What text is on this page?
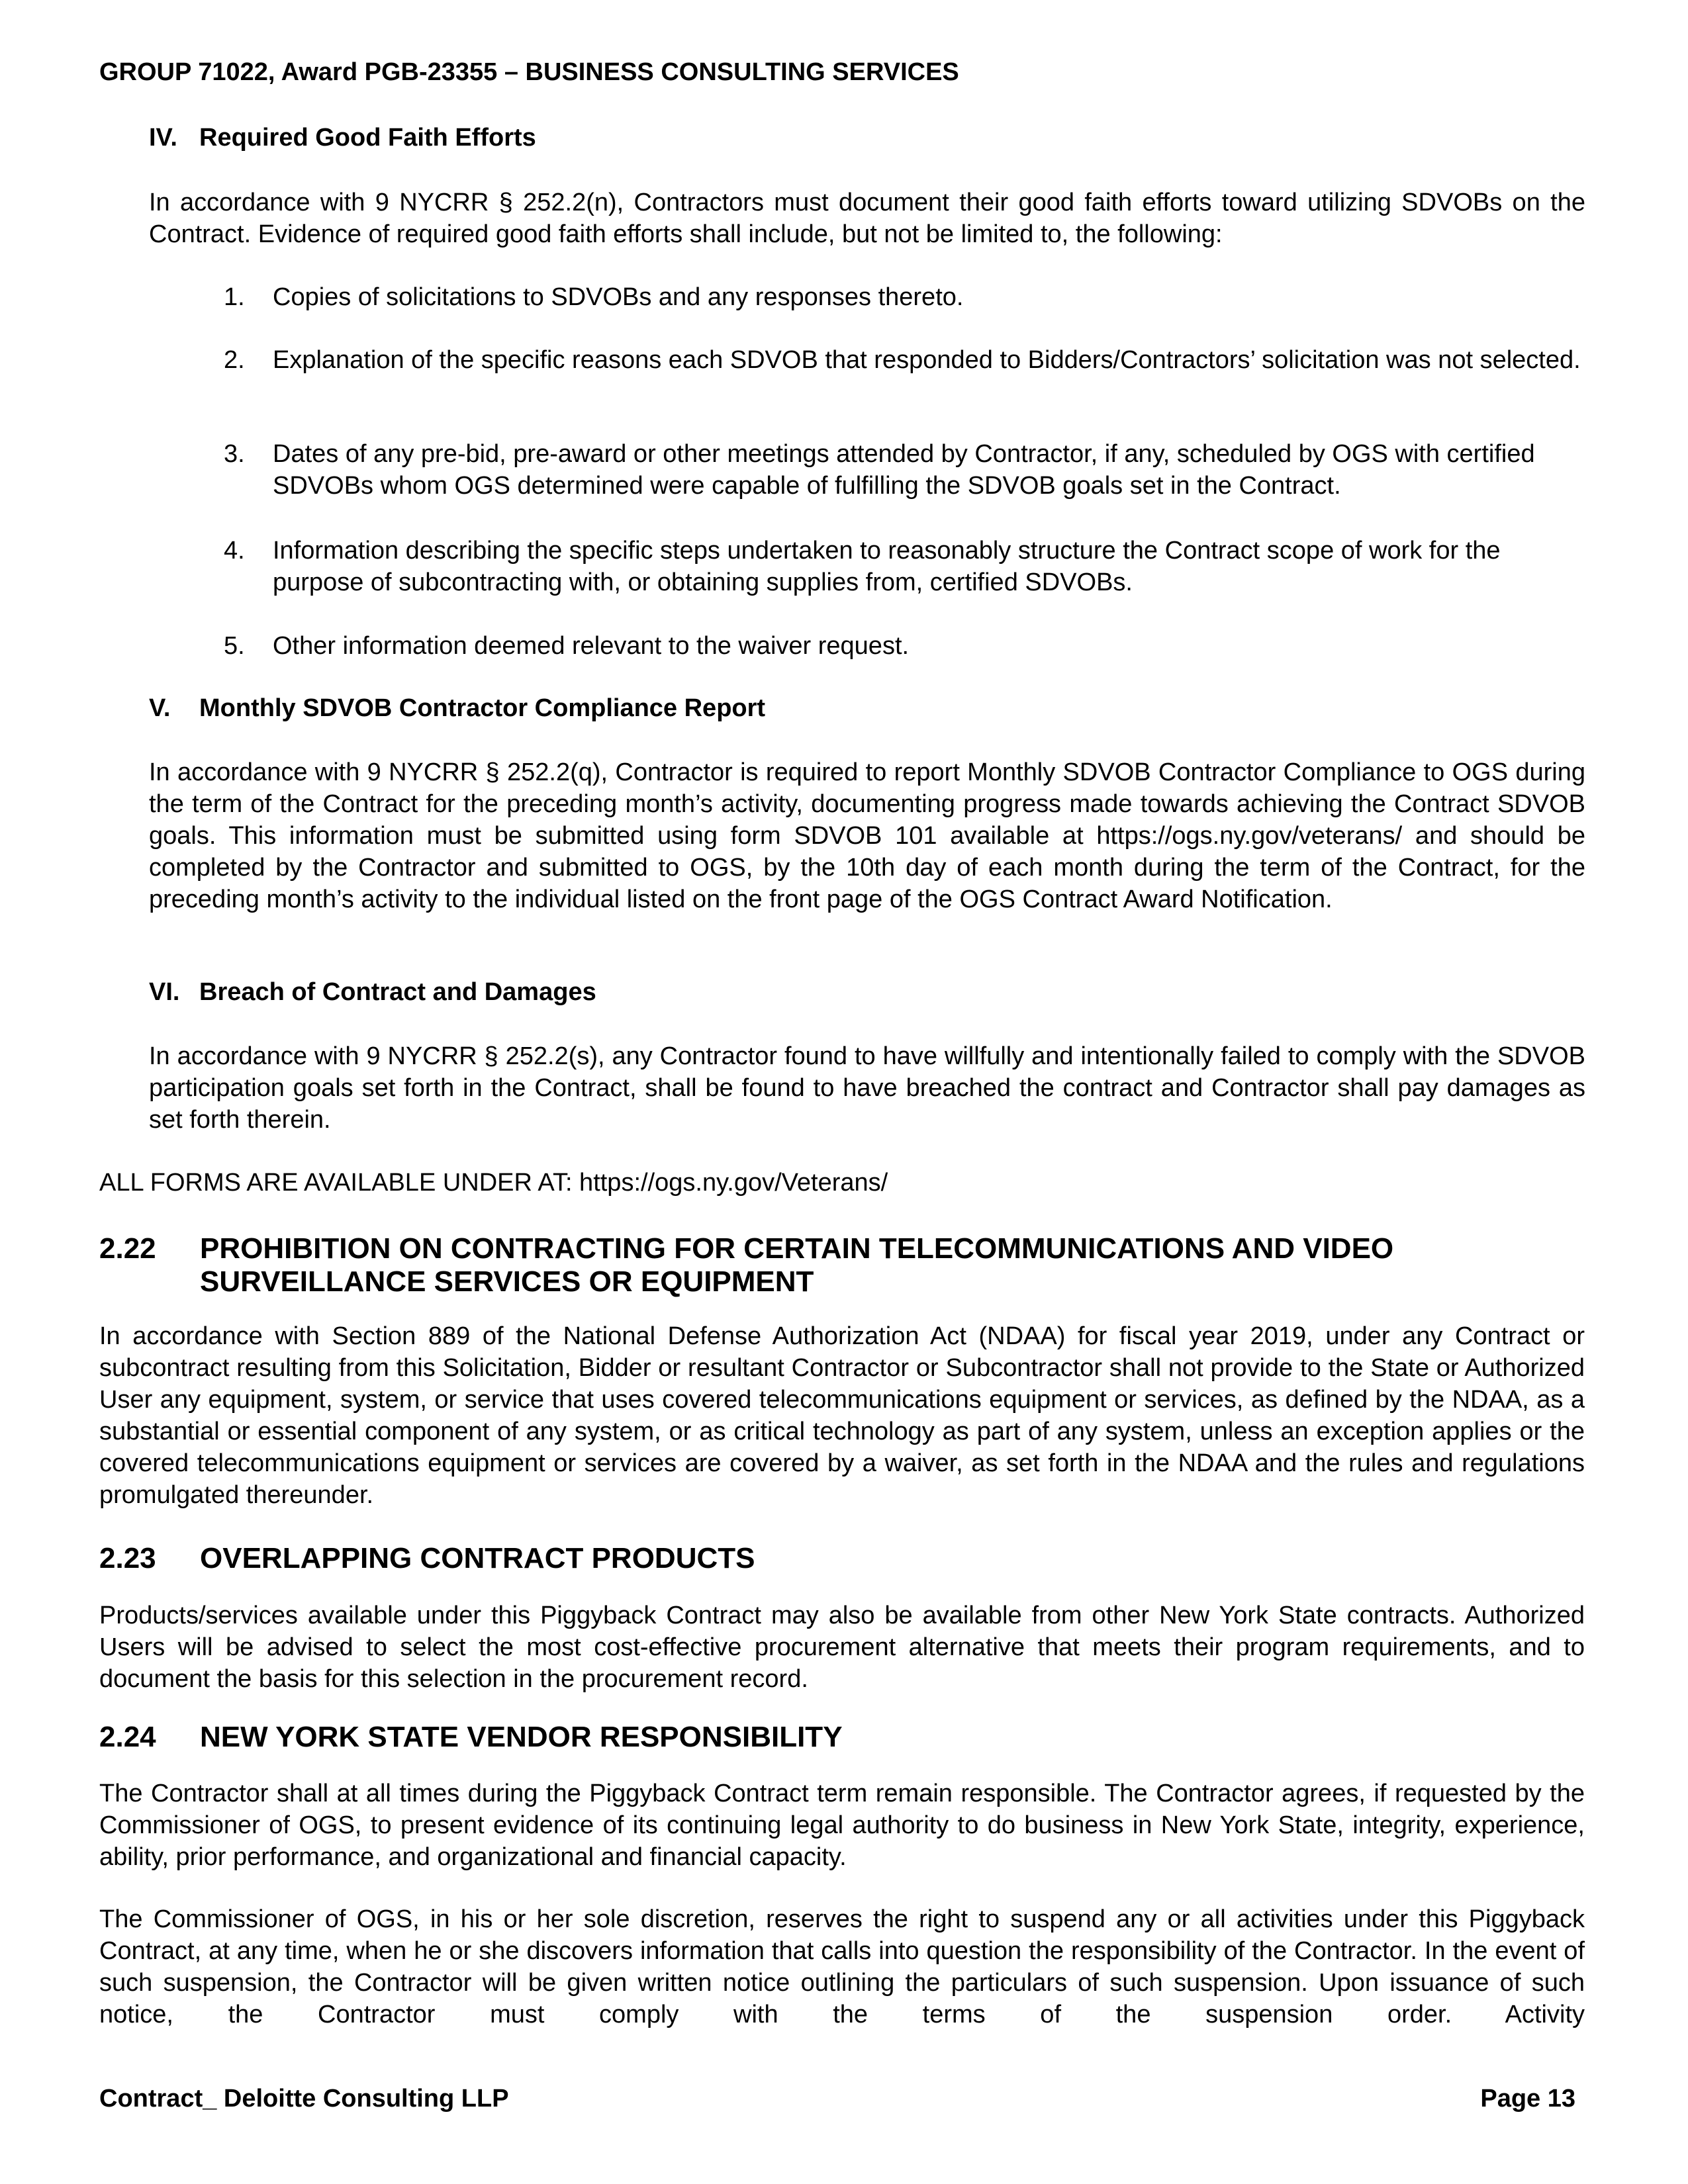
GROUP 71022, Award PGB-23355 – BUSINESS CONSULTING SERVICES
IV. Required Good Faith Efforts

In accordance with 9 NYCRR § 252.2(n), Contractors must document their good faith efforts toward utilizing SDVOBs on the Contract. Evidence of required good faith efforts shall include, but not be limited to, the following:

1.	Copies of solicitations to SDVOBs and any responses thereto.
2.	Explanation of the specific reasons each SDVOB that responded to Bidders/Contractors’ solicitation was not selected.
3.	Dates of any pre-bid, pre-award or other meetings attended by Contractor, if any, scheduled by OGS with certified SDVOBs whom OGS determined were capable of fulfilling the SDVOB goals set in the Contract.
4.	Information describing the specific steps undertaken to reasonably structure the Contract scope of work for the purpose of subcontracting with, or obtaining supplies from, certified SDVOBs.
5.	Other information deemed relevant to the waiver request.
V.	Monthly SDVOB Contractor Compliance Report

In accordance with 9 NYCRR § 252.2(q), Contractor is required to report Monthly SDVOB Contractor Compliance to OGS during the term of the Contract for the preceding month’s activity, documenting progress made towards achieving the Contract SDVOB goals. This information must be submitted using form SDVOB 101 available at https://ogs.ny.gov/veterans/ and should be completed by the Contractor and submitted to OGS, by the 10th day of each month during the term of the Contract, for the preceding month’s activity to the individual listed on the front page of the OGS Contract Award Notification.

VI. Breach of Contract and Damages

In accordance with 9 NYCRR § 252.2(s), any Contractor found to have willfully and intentionally failed to comply with the SDVOB participation goals set forth in the Contract, shall be found to have breached the contract and Contractor shall pay damages as set forth therein.

ALL FORMS ARE AVAILABLE UNDER AT: https://ogs.ny.gov/Veterans/

2.22	PROHIBITION ON CONTRACTING FOR CERTAIN TELECOMMUNICATIONS AND VIDEO
SURVEILLANCE SERVICES OR EQUIPMENT

In accordance with Section 889 of the National Defense Authorization Act (NDAA) for fiscal year 2019, under any Contract or subcontract resulting from this Solicitation, Bidder or resultant Contractor or Subcontractor shall not provide to the State or Authorized User any equipment, system, or service that uses covered telecommunications equipment or services, as defined by the NDAA, as a substantial or essential component of any system, or as critical technology as part of any system, unless an exception applies or the covered telecommunications equipment or services are covered by a waiver, as set forth in the NDAA and the rules and regulations promulgated thereunder.

2.23	OVERLAPPING CONTRACT PRODUCTS

Products/services available under this Piggyback Contract may also be available from other New York State contracts. Authorized Users will be advised to select the most cost-effective procurement alternative that meets their program requirements, and to document the basis for this selection in the procurement record.

2.24	NEW YORK STATE VENDOR RESPONSIBILITY

The Contractor shall at all times during the Piggyback Contract term remain responsible. The Contractor agrees, if requested by the Commissioner of OGS, to present evidence of its continuing legal authority to do business in New York State, integrity, experience, ability, prior performance, and organizational and financial capacity.

The Commissioner of OGS, in his or her sole discretion, reserves the right to suspend any or all activities under this Piggyback Contract, at any time, when he or she discovers information that calls into question the responsibility of the Contractor. In the event of such suspension, the Contractor will be given written notice outlining the particulars of such suspension. Upon issuance of such notice, the Contractor must comply with the terms of the suspension order. Activity

Contract_ Deloitte Consulting LLP	Page 13
